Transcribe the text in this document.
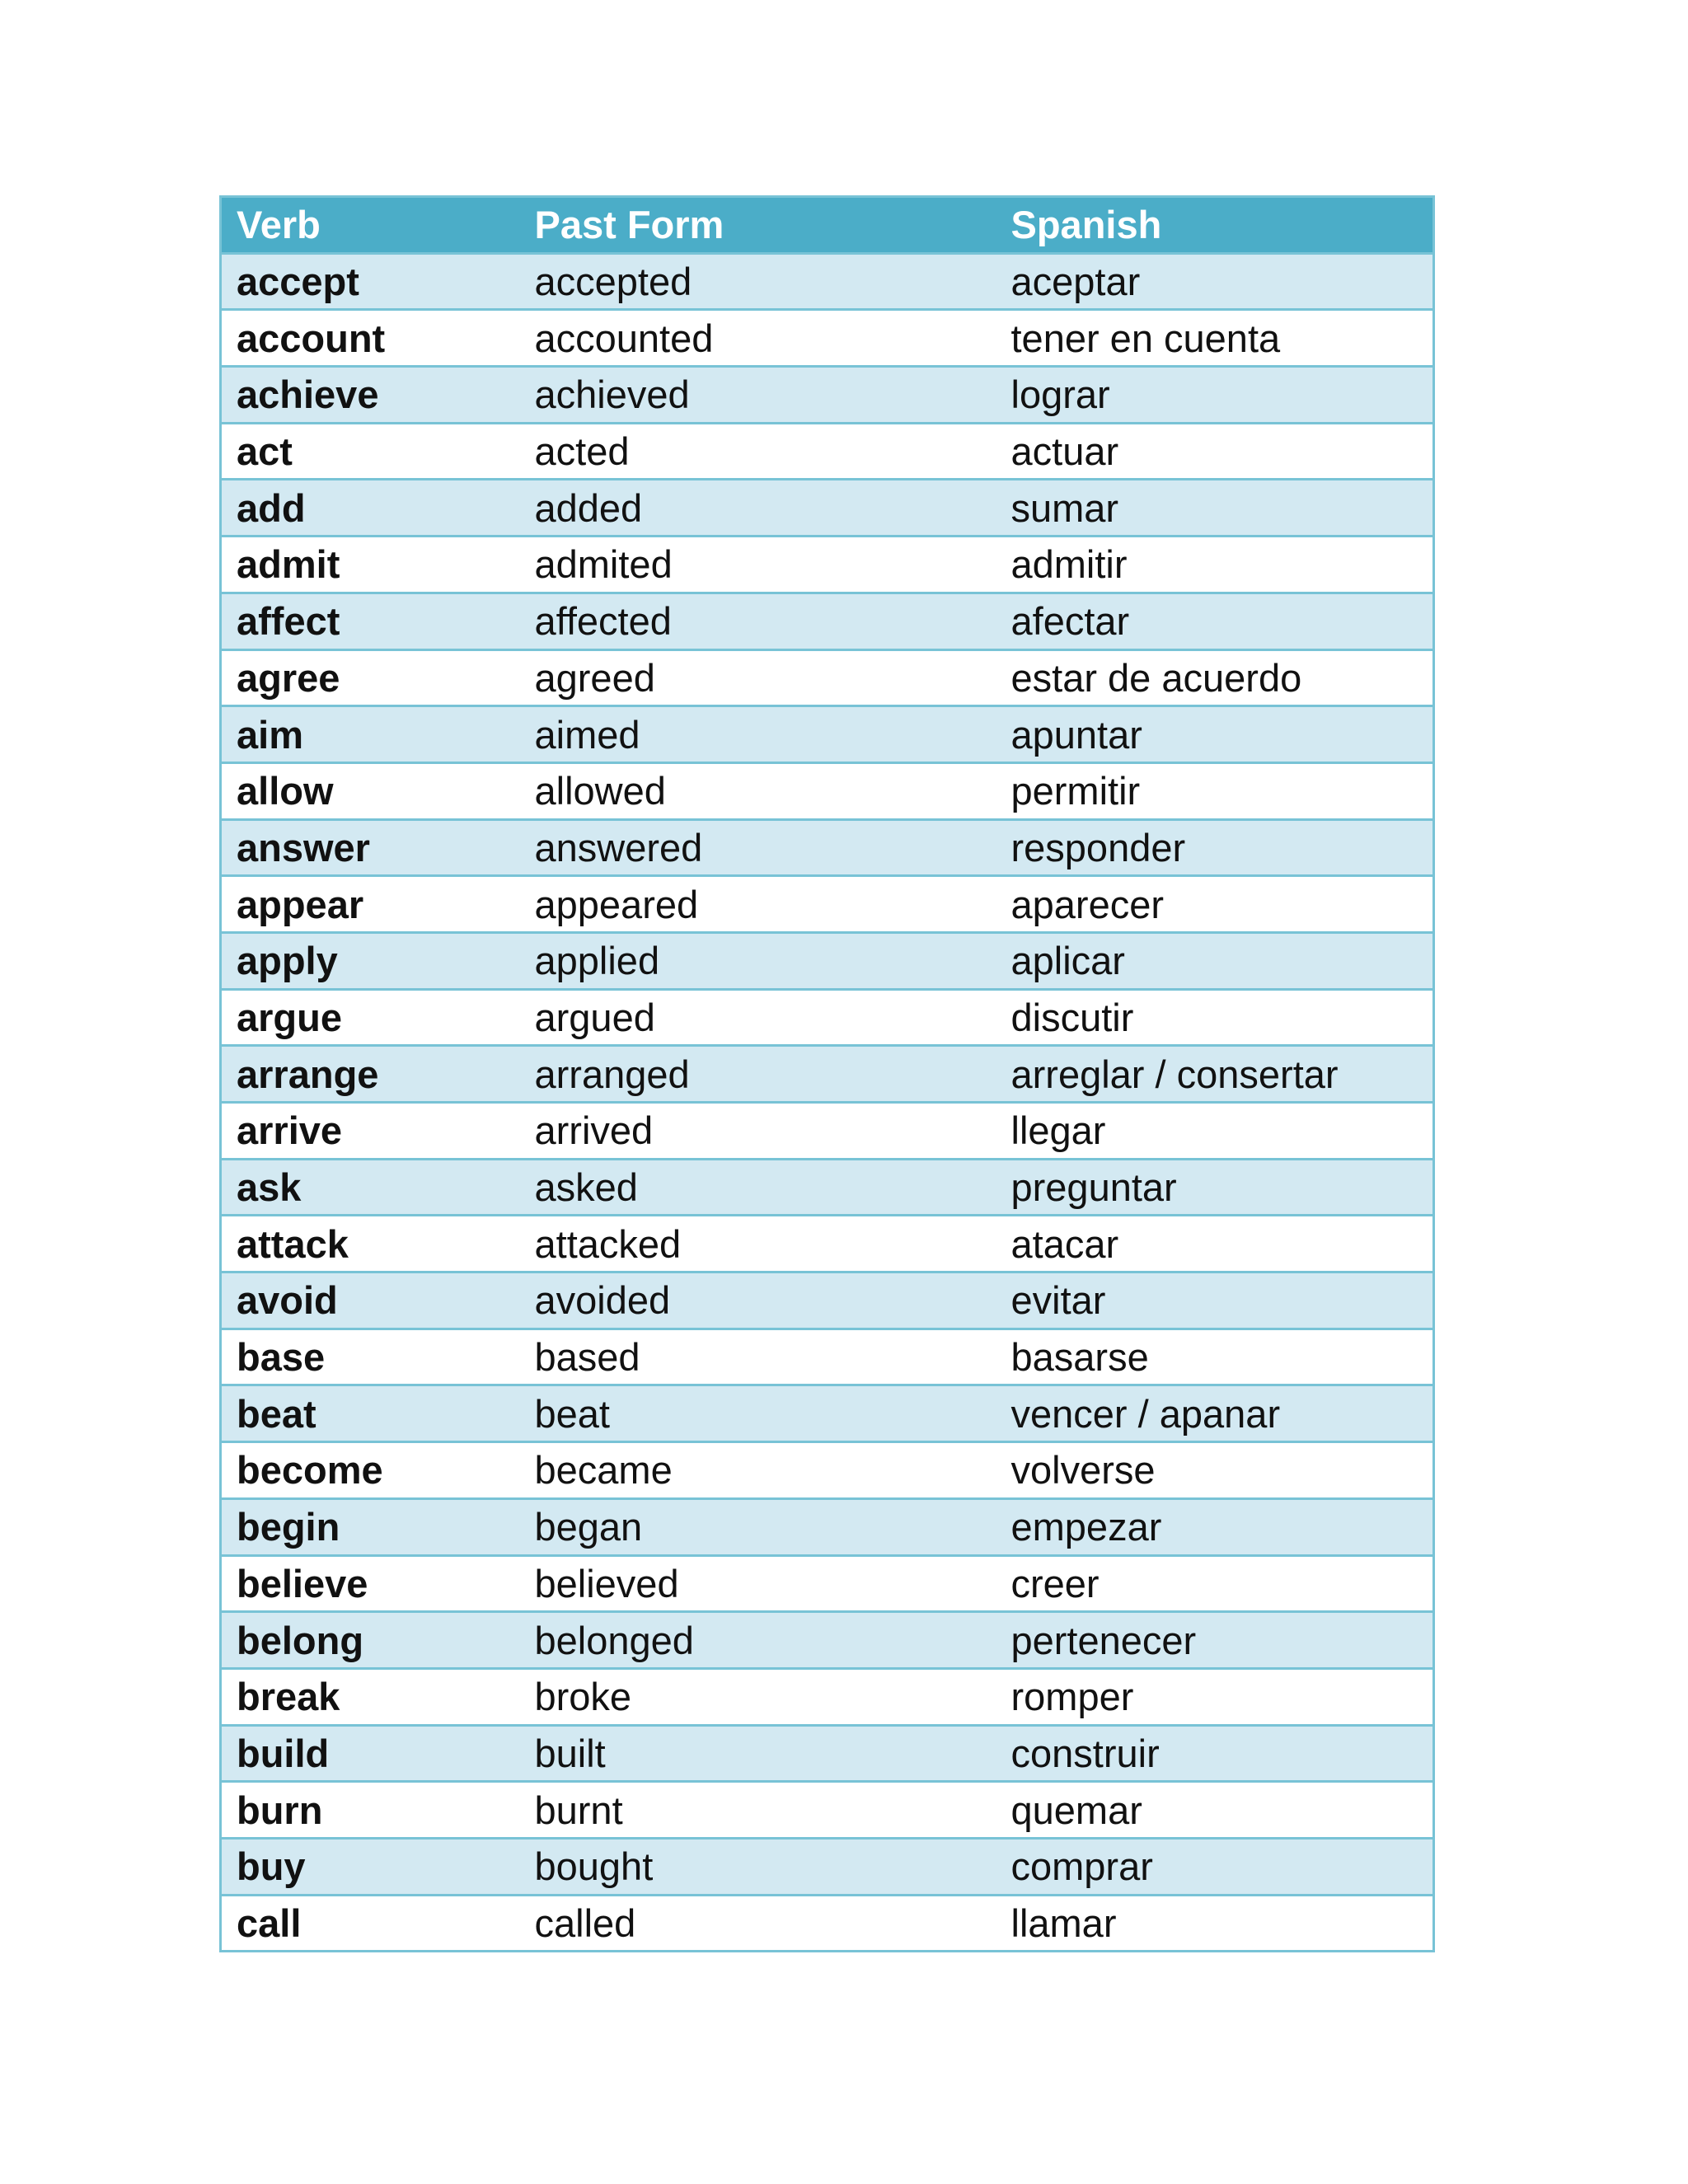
Verb	Past Form	Spanish
accept	accepted	aceptar
account	accounted	tener en cuenta
achieve	achieved	lograr
act	acted	actuar
add	added	sumar
admit	admited	admitir
affect	affected	afectar
agree	agreed	estar de acuerdo
aim	aimed	apuntar
allow	allowed	permitir
answer	answered	responder
appear	appeared	aparecer
apply	applied	aplicar
argue	argued	discutir
arrange	arranged	arreglar / consertar
arrive	arrived	llegar
ask	asked	preguntar
attack	attacked	atacar
avoid	avoided	evitar
base	based	basarse
beat	beat	vencer / apanar
become	became	volverse
begin	began	empezar
believe	believed	creer
belong	belonged	pertenecer
break	broke	romper
build	built	construir
burn	burnt	quemar
buy	bought	comprar
call	called	llamar
